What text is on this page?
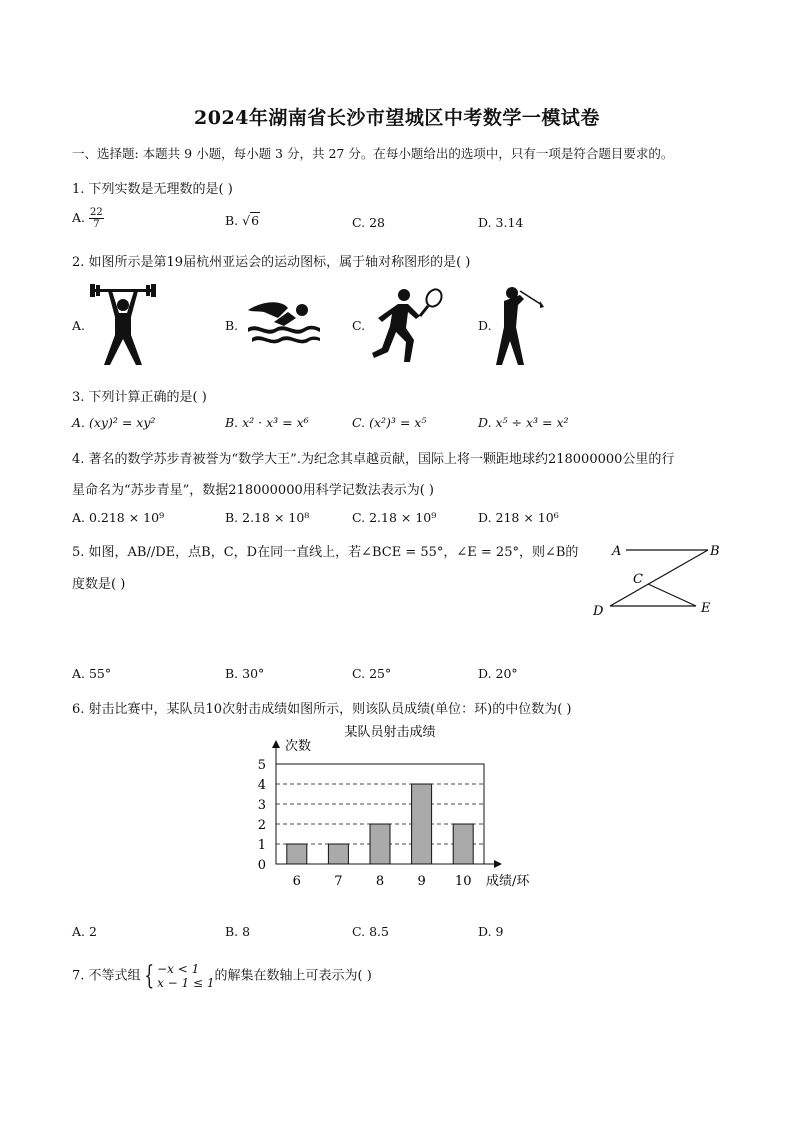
2024年湖南省长沙市望城区中考数学一模试卷
一、选择题: 本题共 9 小题，每小题 3 分，共 27 分。在每小题给出的选项中，只有一项是符合题目要求的。
1. 下列实数是无理数的是( )
A. $\frac{22}{7}$	B. √6	C. 28	D. 3.14
2. 如图所示是第19届杭州亚运会的运动图标，属于轴对称图形的是( )
A.	B.	C.	D.
3. 下列计算正确的是( )
A. (xy)² = xy²	B. x² · x³ = x⁶	C. (x²)³ = x⁵	D. x⁵ ÷ x³ = x²
4. 著名的数学苏步青被誉为“数学大王”.为纪念其卓越贡献，国际上将一颗距地球约218000000公里的行
星命名为“苏步青星”，数据218000000用科学记数法表示为( )
A. 0.218 × 10⁹	B. 2.18 × 10⁸	C. 2.18 × 10⁹	D. 218 × 10⁶
5. 如图，AB//DE，点B，C，D在同一直线上，若∠BCE = 55°，∠E = 25°，则∠B的
度数是( )
A	B
C
D	E
A. 55°	B. 30°	C. 25°	D. 20°
6. 射击比赛中，某队员10次射击成绩如图所示，则该队员成绩(单位：环)的中位数为( )
某队员射击成绩
次数
成绩/环
0
1
2
3
4
5
6	7	8	9 10
A. 2	B. 8	C. 8.5	D. 9
7. 不等式组 { −x < 1
x − 1 ≤ 1 的解集在数轴上可表示为( )
